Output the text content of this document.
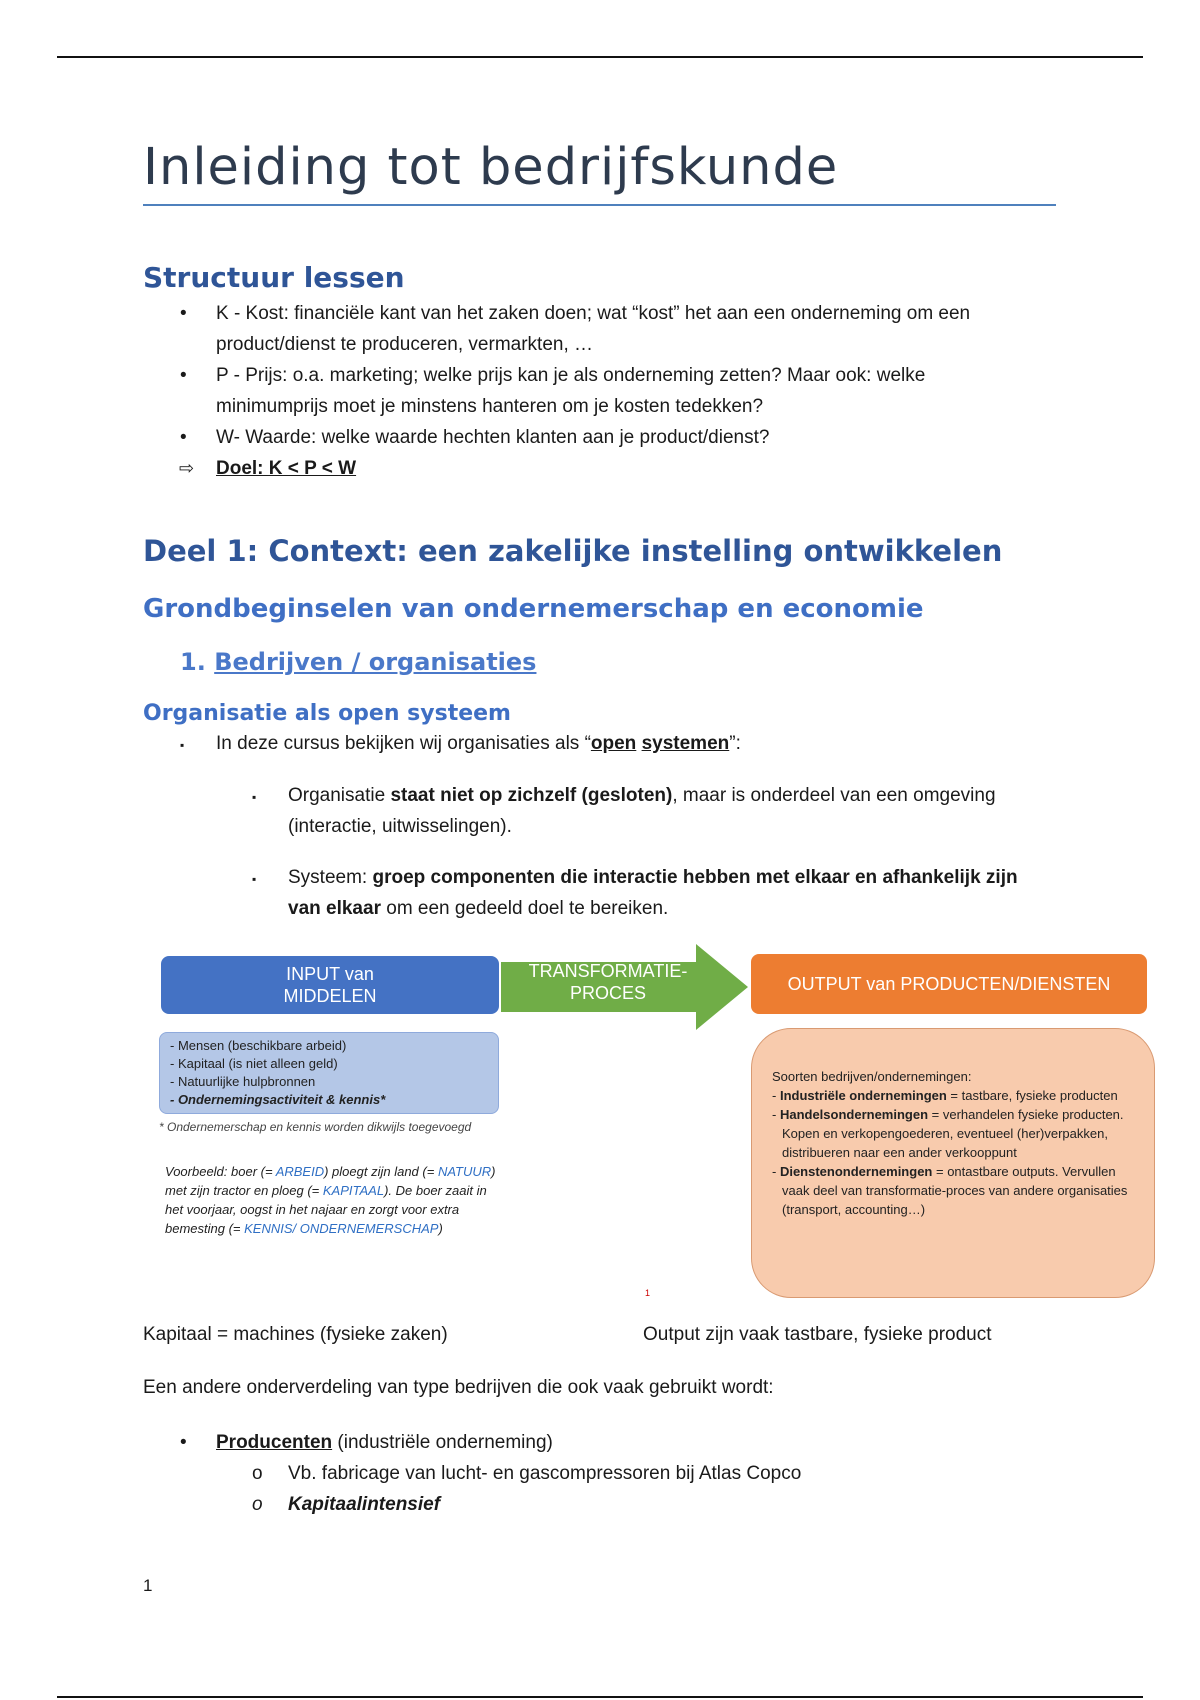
Inleiding tot bedrijfskunde
Structuur lessen
• K - Kost: financiële kant van het zaken doen; wat “kost” het aan een onderneming om een
product/dienst te produceren, vermarkten, …
• P - Prijs: o.a. marketing; welke prijs kan je als onderneming zetten? Maar ook: welke
minimumprijs moet je minstens hanteren om je kosten tedekken?
• W- Waarde: welke waarde hechten klanten aan je product/dienst?
⇨ Doel: K < P < W
Deel 1: Context: een zakelijke instelling ontwikkelen
Grondbeginselen van ondernemerschap en economie
1. Bedrijven / organisaties
Organisatie als open systeem
▪ In deze cursus bekijken wij organisaties als “open systemen”:
▪ Organisatie staat niet op zichzelf (gesloten), maar is onderdeel van een omgeving
(interactie, uitwisselingen).
▪ Systeem: groep componenten die interactie hebben met elkaar en afhankelijk zijn
van elkaar om een gedeeld doel te bereiken.
INPUT van
MIDDELEN
TRANSFORMATIE-
PROCES	OUTPUT van PRODUCTEN/DIENSTEN
- Mensen (beschikbare arbeid)
- Kapitaal (is niet alleen geld)
- Natuurlijke hulpbronnen
- Ondernemingsactiviteit & kennis*
* Ondernemerschap en kennis worden dikwijls toegevoegd
Voorbeeld: boer (= ARBEID) ploegt zijn land (= NATUUR)
met zijn tractor en ploeg (= KAPITAAL). De boer zaait in
het voorjaar, oogst in het najaar en zorgt voor extra
bemesting (= KENNIS/ ONDERNEMERSCHAP)
Soorten bedrijven/ondernemingen:
- Industriële ondernemingen = tastbare, fysieke producten
- Handelsondernemingen = verhandelen fysieke producten. Kopen en verkopengoederen, eventueel (her)verpakken, distribueren naar een ander verkooppunt
- Dienstenondernemingen = ontastbare outputs. Vervullen vaak deel van transformatie-proces van andere organisaties (transport, accounting…)
1
Kapitaal = machines (fysieke zaken)	Output zijn vaak tastbare, fysieke product
Een andere onderverdeling van type bedrijven die ook vaak gebruikt wordt:
• Producenten (industriële onderneming)
o Vb. fabricage van lucht- en gascompressoren bij Atlas Copco
o Kapitaalintensief
1
